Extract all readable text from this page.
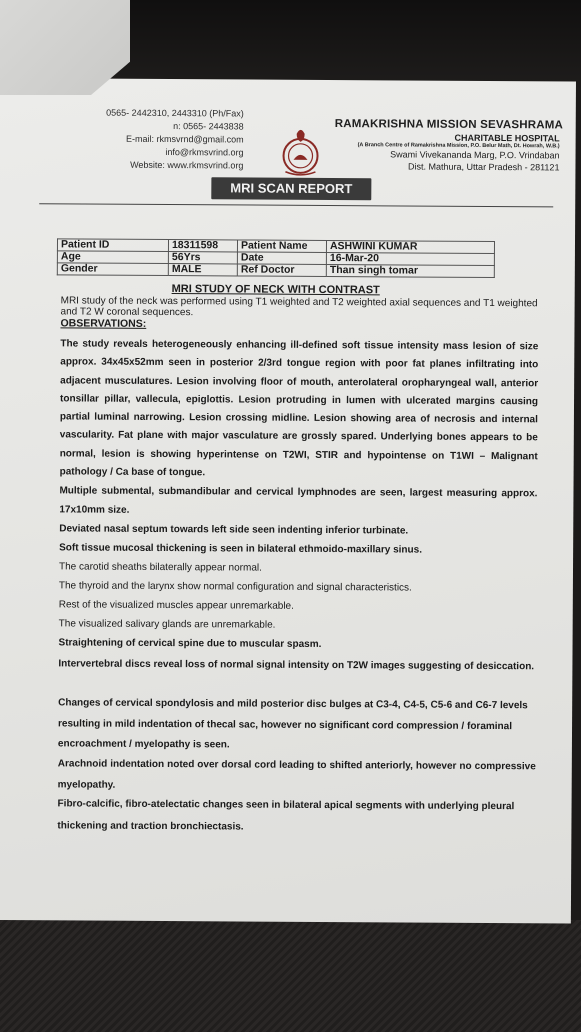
0565- 2442310, 2443310 (Ph/Fax)
n: 0565- 2443838
E-mail: rkmsvrnd@gmail.com
info@rkmsvrind.org
Website: www.rkmsvrind.org
RAMAKRISHNA MISSION SEVASHRAMA
CHARITABLE HOSPITAL
(A Branch Centre of Ramakrishna Mission, P.O. Belur Math, Dt. Howrah, W.B.)
Swami Vivekananda Marg, P.O. Vrindaban
Dist. Mathura, Uttar Pradesh - 281121
MRI SCAN REPORT
Patient ID	18311598	Patient Name	ASHWINI KUMAR
Age	56Yrs	Date	16-Mar-20
Gender	MALE	Ref Doctor	Than singh tomar
MRI STUDY OF NECK WITH CONTRAST
MRI study of the neck was performed using T1 weighted and T2 weighted axial sequences and T1 weighted and T2 W coronal sequences.
OBSERVATIONS:
The study reveals heterogeneously enhancing ill-defined soft tissue intensity mass lesion of size approx. 34x45x52mm seen in posterior 2/3rd tongue region with poor fat planes infiltrating into adjacent musculatures. Lesion involving floor of mouth, anterolateral oropharyngeal wall, anterior tonsillar pillar, vallecula, epiglottis. Lesion protruding in lumen with ulcerated margins causing partial luminal narrowing. Lesion crossing midline. Lesion showing area of necrosis and internal vascularity. Fat plane with major vasculature are grossly spared. Underlying bones appears to be normal, lesion is showing hyperintense on T2WI, STIR and hypointense on T1WI – Malignant pathology / Ca base of tongue.
Multiple submental, submandibular and cervical lymphnodes are seen, largest measuring approx. 17x10mm size.
Deviated nasal septum towards left side seen indenting inferior turbinate.
Soft tissue mucosal thickening is seen in bilateral ethmoido-maxillary sinus.
The carotid sheaths bilaterally appear normal.
The thyroid and the larynx show normal configuration and signal characteristics.
Rest of the visualized muscles appear unremarkable.
The visualized salivary glands are unremarkable.
Straightening of cervical spine due to muscular spasm.
Intervertebral discs reveal loss of normal signal intensity on T2W images suggesting of desiccation.
Changes of cervical spondylosis and mild posterior disc bulges at C3-4, C4-5, C5-6 and C6-7 levels resulting in mild indentation of thecal sac, however no significant cord compression / foraminal encroachment / myelopathy is seen.
Arachnoid indentation noted over dorsal cord leading to shifted anteriorly, however no compressive myelopathy.
Fibro-calcific, fibro-atelectatic changes seen in bilateral apical segments with underlying pleural thickening and traction bronchiectasis.
